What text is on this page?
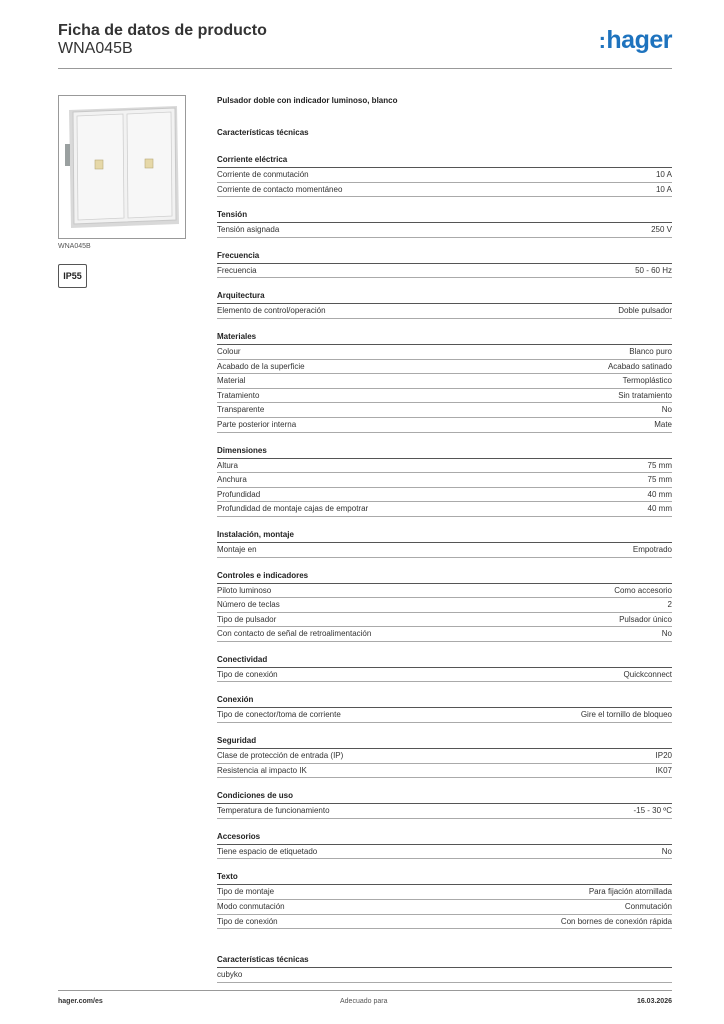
Ficha de datos de producto
WNA045B	:hager
WNA045B
IP55
Pulsador doble con indicador luminoso, blanco
Características técnicas
Corriente eléctrica
Corriente de conmutación	10 A
Corriente de contacto momentáneo	10 A
Tensión
Tensión asignada	250 V
Frecuencia
Frecuencia	50 - 60 Hz
Arquitectura
Elemento de control/operación	Doble pulsador
Materiales
Colour	Blanco puro
Acabado de la superficie	Acabado satinado
Material	Termoplástico
Tratamiento	Sin tratamiento
Transparente	No
Parte posterior interna	Mate
Dimensiones
Altura	75 mm
Anchura	75 mm
Profundidad	40 mm
Profundidad de montaje cajas de empotrar	40 mm
Instalación, montaje
Montaje en	Empotrado
Controles e indicadores
Piloto luminoso	Como accesorio
Número de teclas	2
Tipo de pulsador	Pulsador único
Con contacto de señal de retroalimentación	No
Conectividad
Tipo de conexión	Quickconnect
Conexión
Tipo de conector/toma de corriente	Gire el tornillo de bloqueo
Seguridad
Clase de protección de entrada (IP)	IP20
Resistencia al impacto IK	IK07
Condiciones de uso
Temperatura de funcionamiento	-15 - 30 ºC
Accesorios
Tiene espacio de etiquetado	No
Texto
Tipo de montaje	Para fijación atornillada
Modo conmutación	Conmutación
Tipo de conexión	Con bornes de conexión rápida
Características técnicas
cubyko
hager.com/es	Adecuado para	16.03.2026
